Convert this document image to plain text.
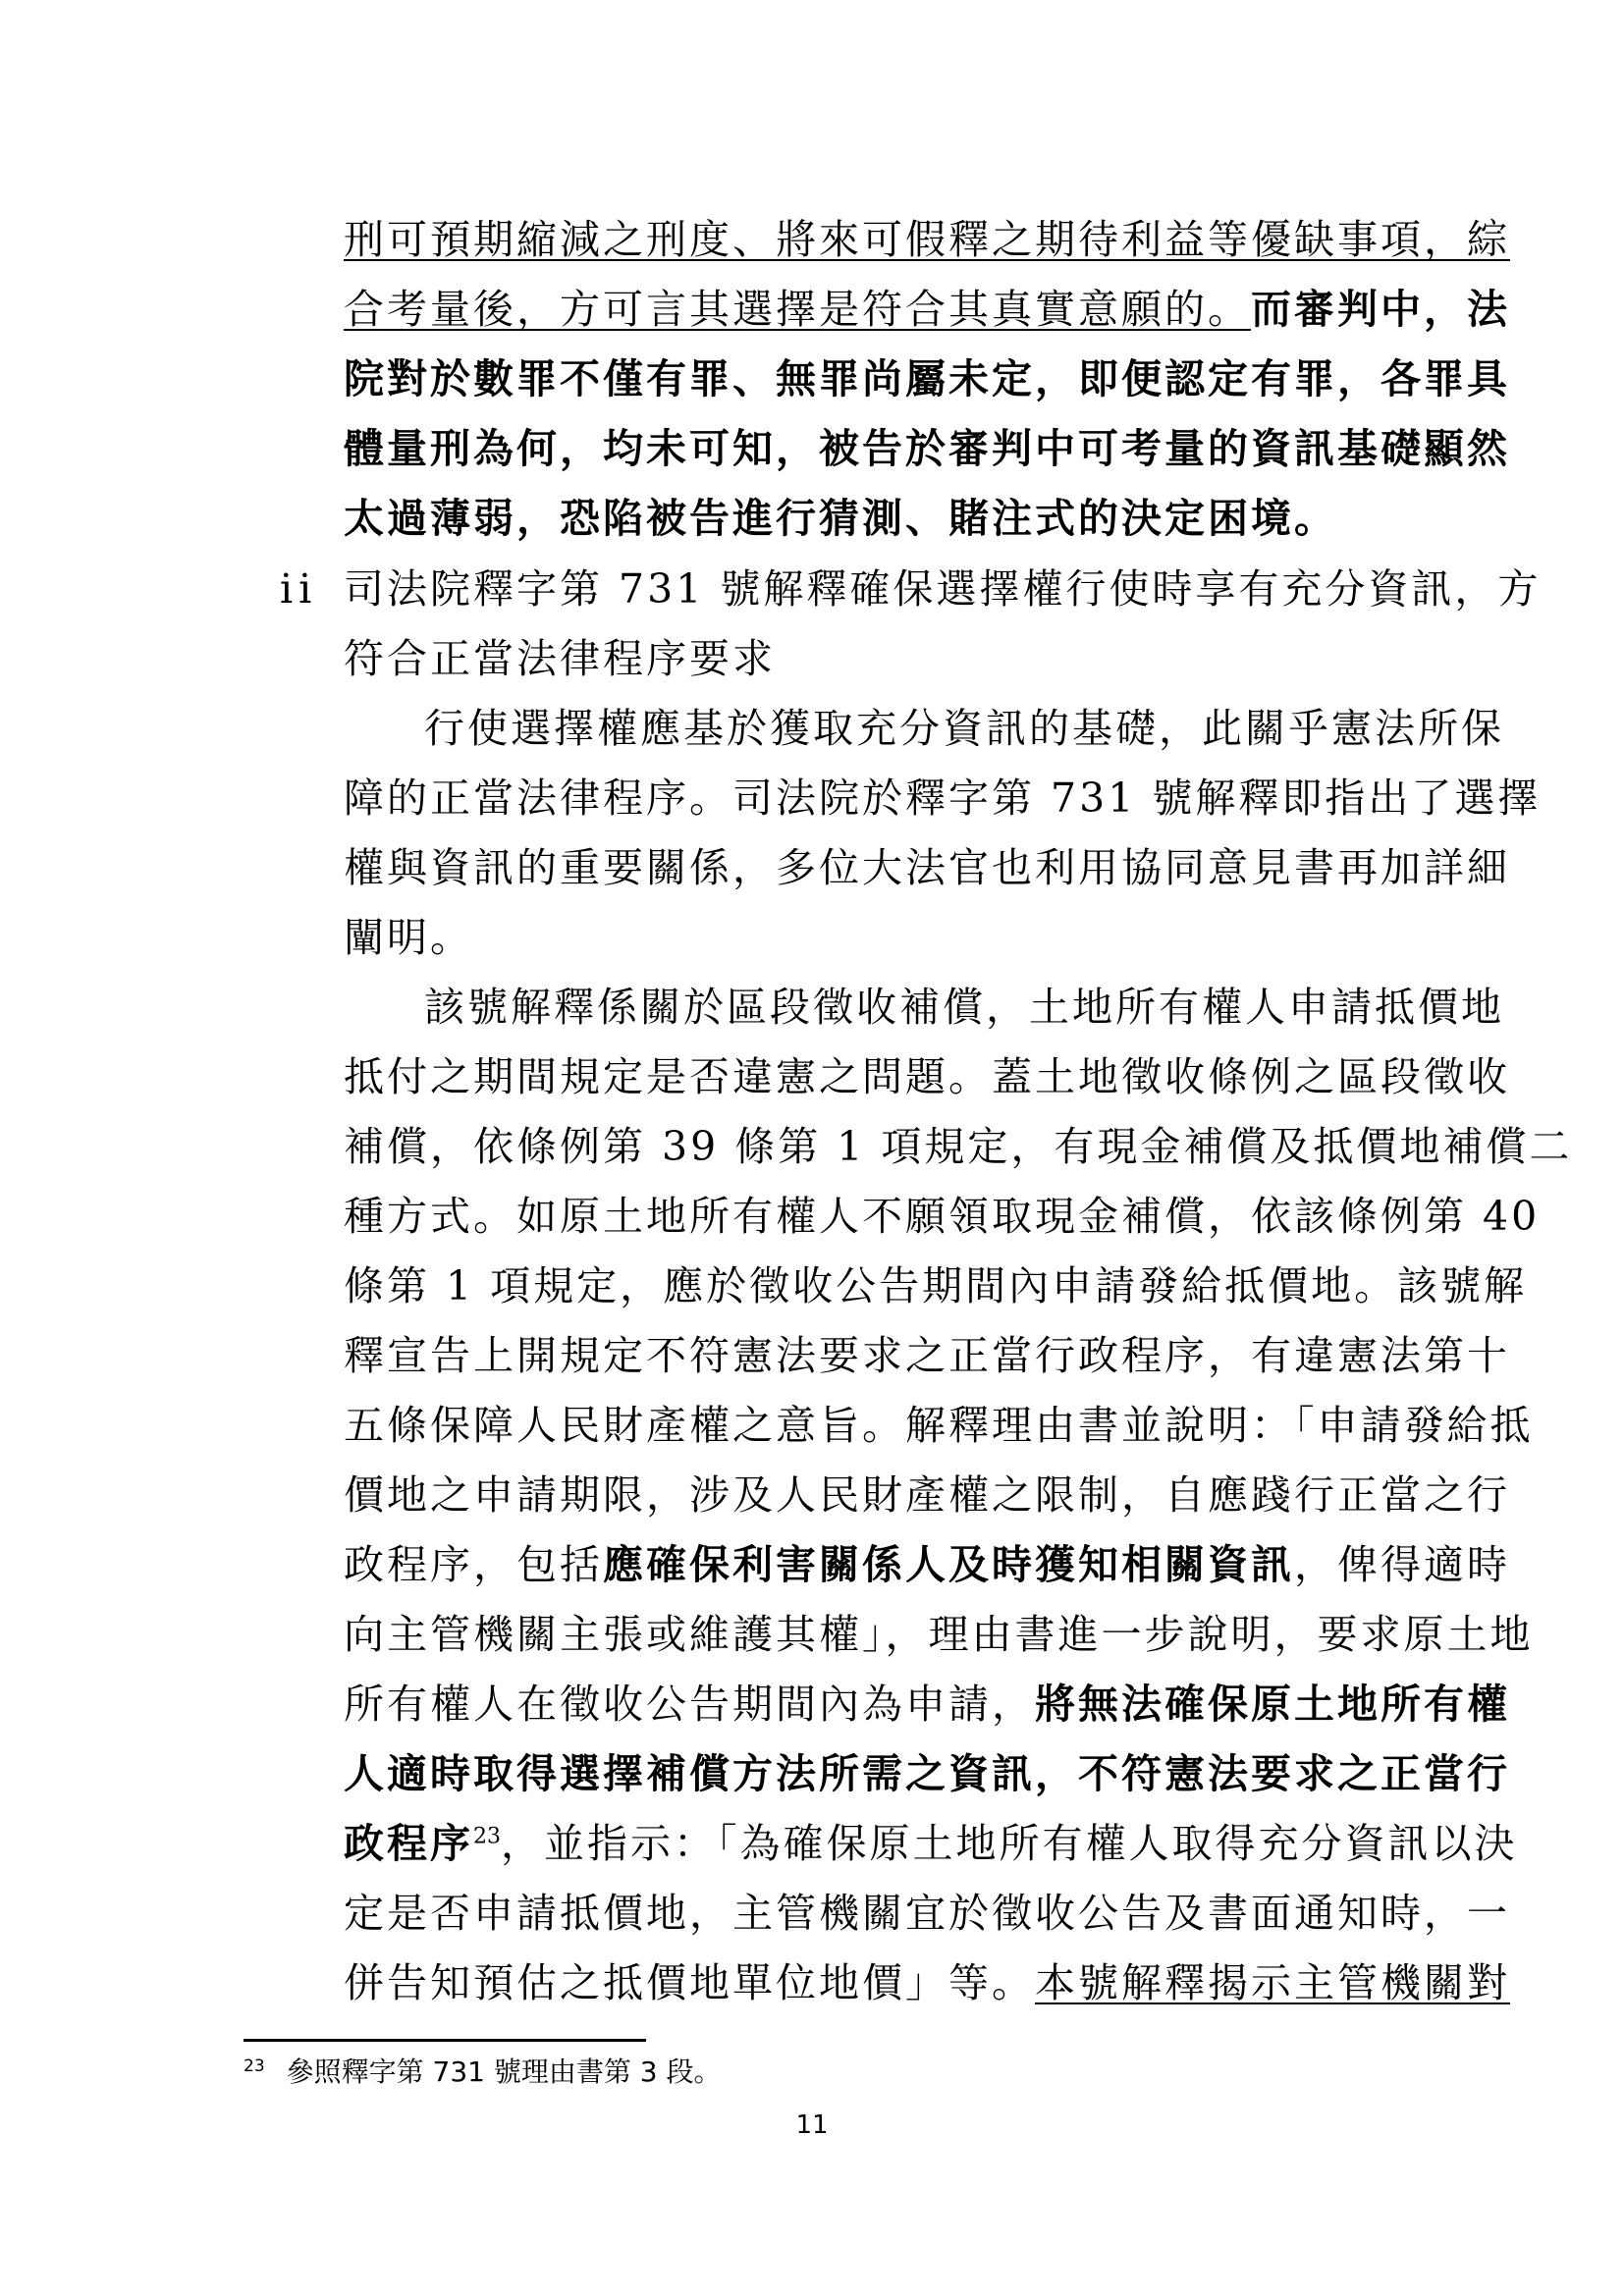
刑可預期縮減之刑度、將來可假釋之期待利益等優缺事項，綜
合考量後，方可言其選擇是符合其真實意願的。而審判中，法
院對於數罪不僅有罪、無罪尚屬未定，即便認定有罪，各罪具
體量刑為何，均未可知，被告於審判中可考量的資訊基礎顯然
太過薄弱，恐陷被告進行猜測、賭注式的決定困境。
ii 司法院釋字第 731 號解釋確保選擇權行使時享有充分資訊，方
符合正當法律程序要求
行使選擇權應基於獲取充分資訊的基礎，此關乎憲法所保
障的正當法律程序。司法院於釋字第 731 號解釋即指出了選擇
權與資訊的重要關係，多位大法官也利用協同意見書再加詳細
闡明。
該號解釋係關於區段徵收補償，土地所有權人申請抵價地
抵付之期間規定是否違憲之問題。蓋土地徵收條例之區段徵收
補償，依條例第 39 條第 1 項規定，有現金補償及抵價地補償二
種方式。如原土地所有權人不願領取現金補償，依該條例第 40
條第 1 項規定，應於徵收公告期間內申請發給抵價地。該號解
釋宣告上開規定不符憲法要求之正當行政程序，有違憲法第十
五條保障人民財產權之意旨。解釋理由書並說明：「申請發給抵
價地之申請期限，涉及人民財產權之限制，自應踐行正當之行
政程序，包括應確保利害關係人及時獲知相關資訊，俾得適時
向主管機關主張或維護其權」，理由書進一步說明，要求原土地
所有權人在徵收公告期間內為申請，將無法確保原土地所有權
人適時取得選擇補償方法所需之資訊，不符憲法要求之正當行
政程序$^{23}$，並指示：「為確保原土地所有權人取得充分資訊以決
定是否申請抵價地，主管機關宜於徵收公告及書面通知時，一
併告知預估之抵價地單位地價」等。本號解釋揭示主管機關對
$^{23}$ 參照釋字第 731 號理由書第 3 段。
11
